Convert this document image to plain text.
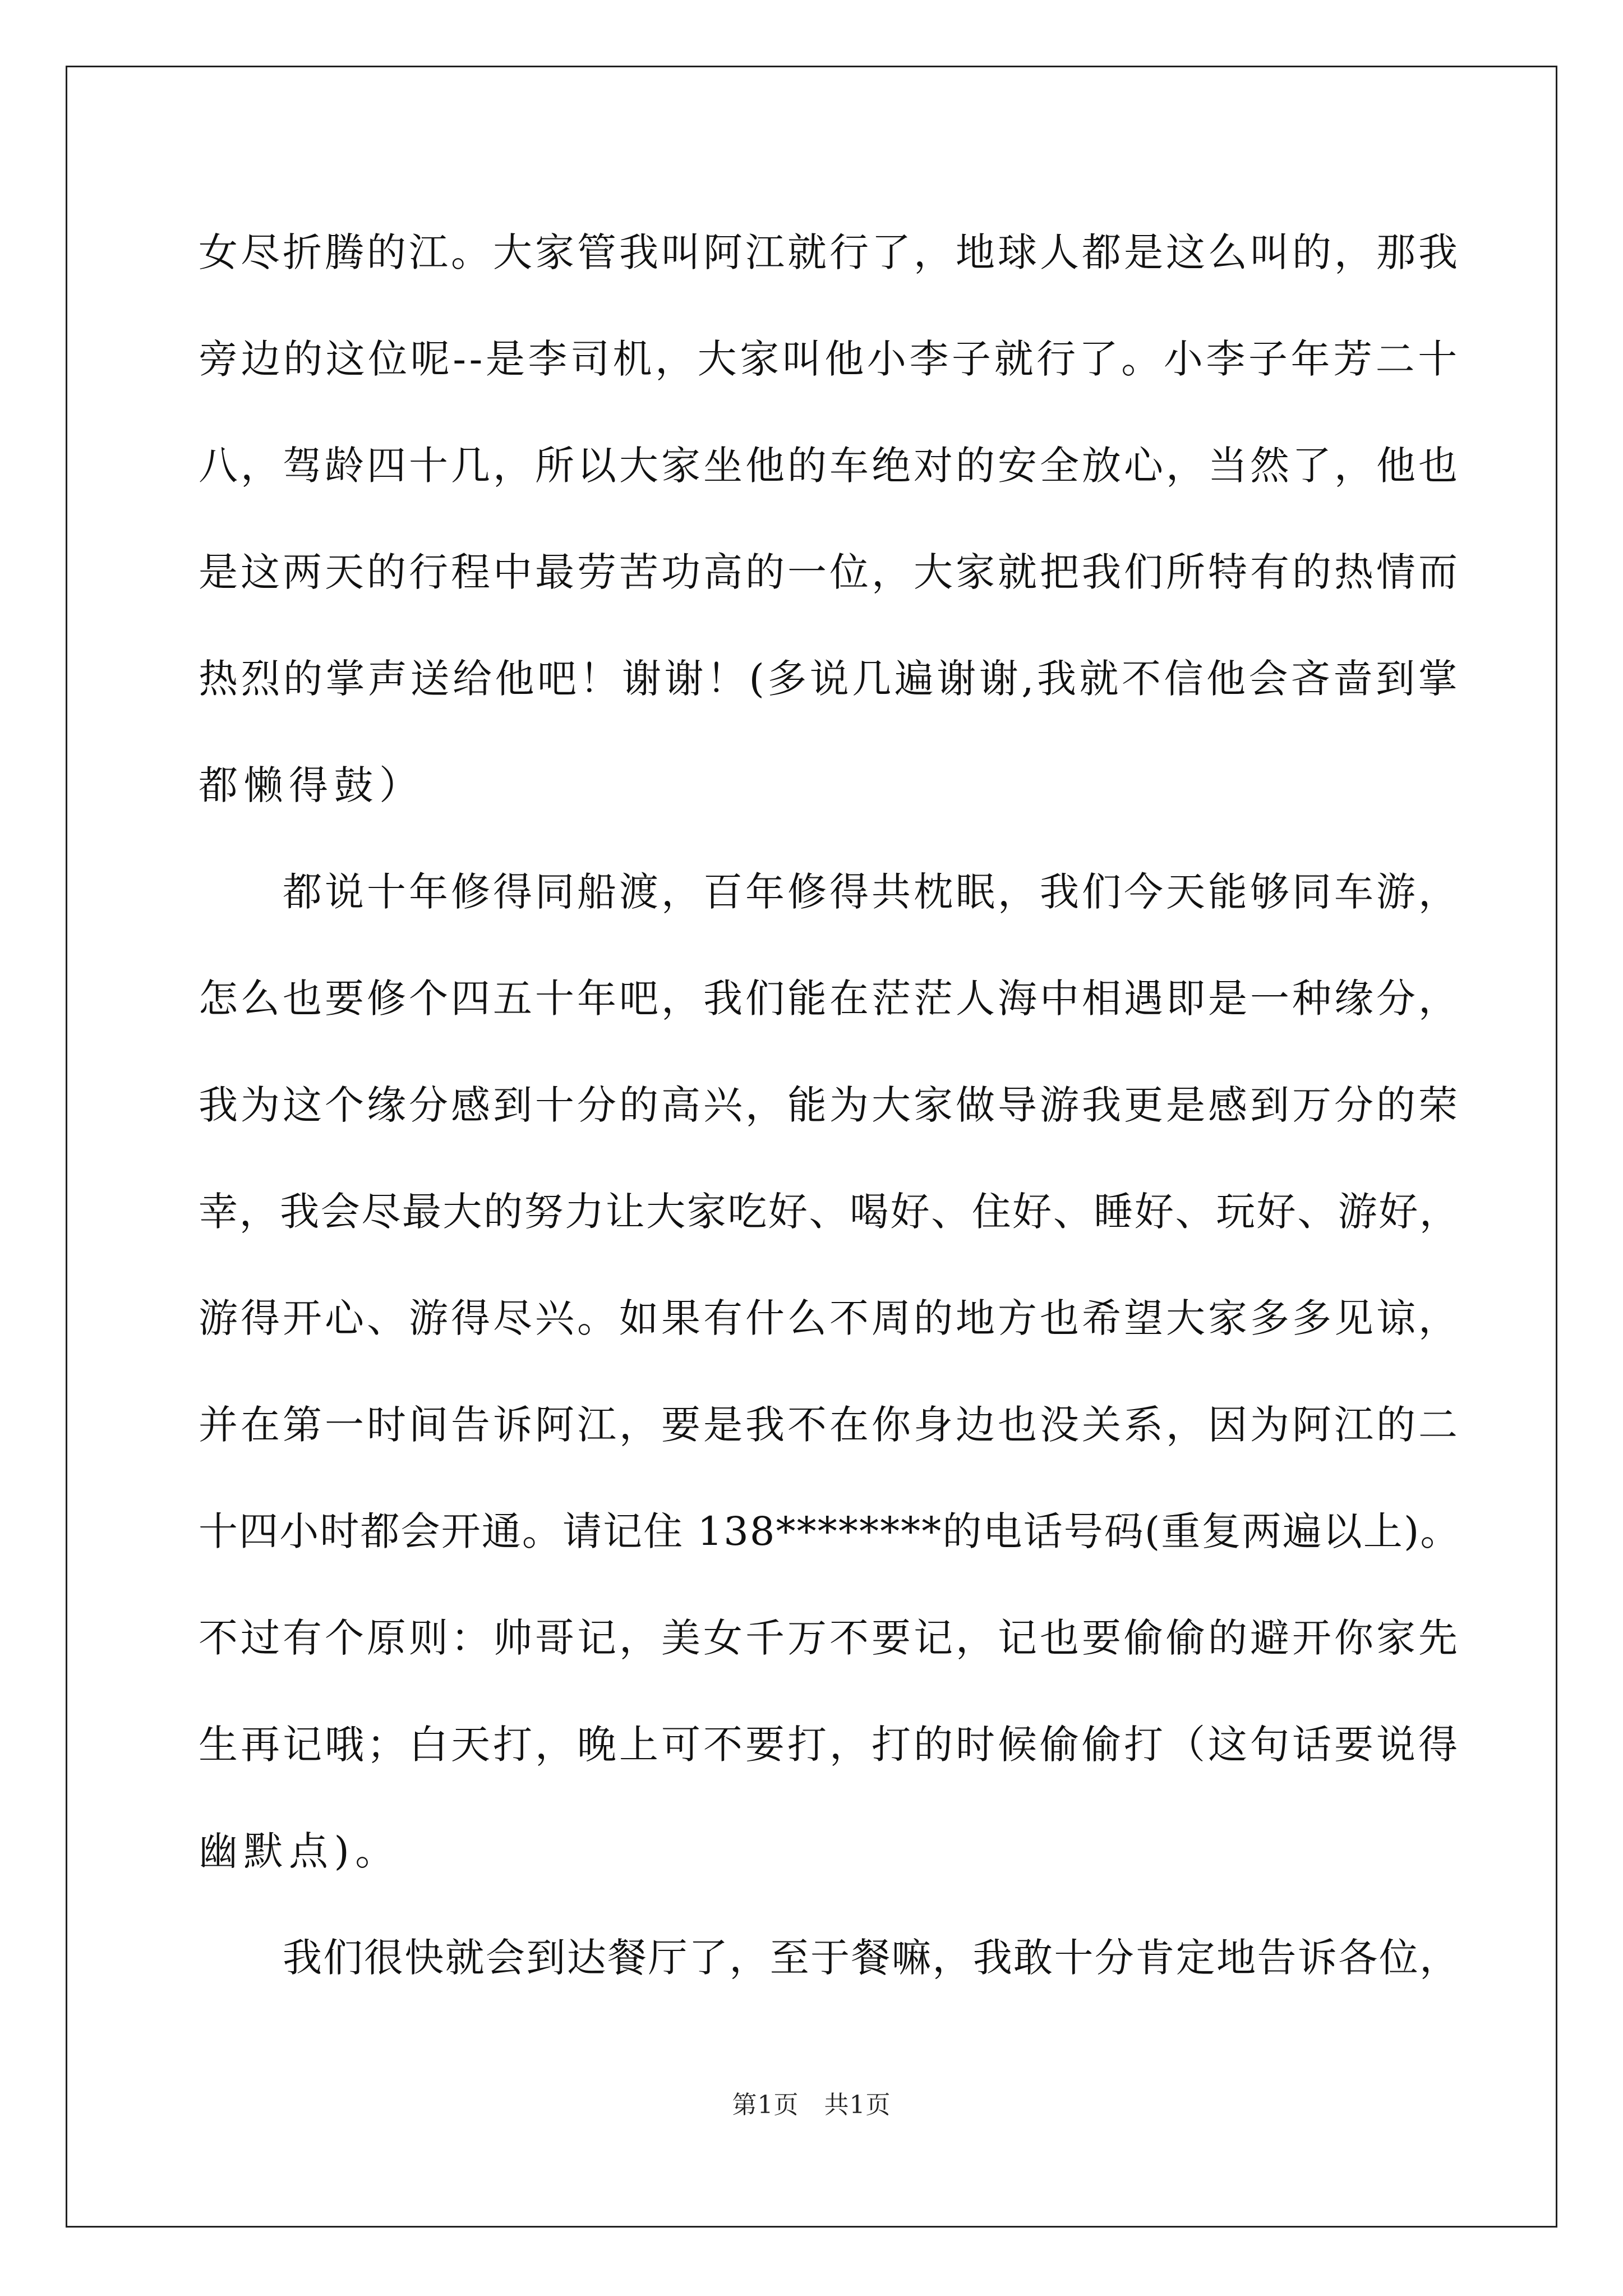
女尽折腾的江。大家管我叫阿江就行了，地球人都是这么叫的，那我
旁边的这位呢--是李司机，大家叫他小李子就行了。小李子年芳二十
八，驾龄四十几，所以大家坐他的车绝对的安全放心，当然了，他也
是这两天的行程中最劳苦功高的一位，大家就把我们所特有的热情而
热烈的掌声送给他吧！谢谢！(多说几遍谢谢,我就不信他会吝啬到掌
都懒得鼓）
都说十年修得同船渡，百年修得共枕眠，我们今天能够同车游，
怎么也要修个四五十年吧，我们能在茫茫人海中相遇即是一种缘分，
我为这个缘分感到十分的高兴，能为大家做导游我更是感到万分的荣
幸，我会尽最大的努力让大家吃好、喝好、住好、睡好、玩好、游好，
游得开心、游得尽兴。如果有什么不周的地方也希望大家多多见谅，
并在第一时间告诉阿江，要是我不在你身边也没关系，因为阿江的二
十四小时都会开通。请记住 138********的电话号码(重复两遍以上)。
不过有个原则：帅哥记，美女千万不要记，记也要偷偷的避开你家先
生再记哦；白天打，晚上可不要打，打的时候偷偷打（这句话要说得
幽默点)。
我们很快就会到达餐厅了，至于餐嘛，我敢十分肯定地告诉各位，
第1页　共1页
